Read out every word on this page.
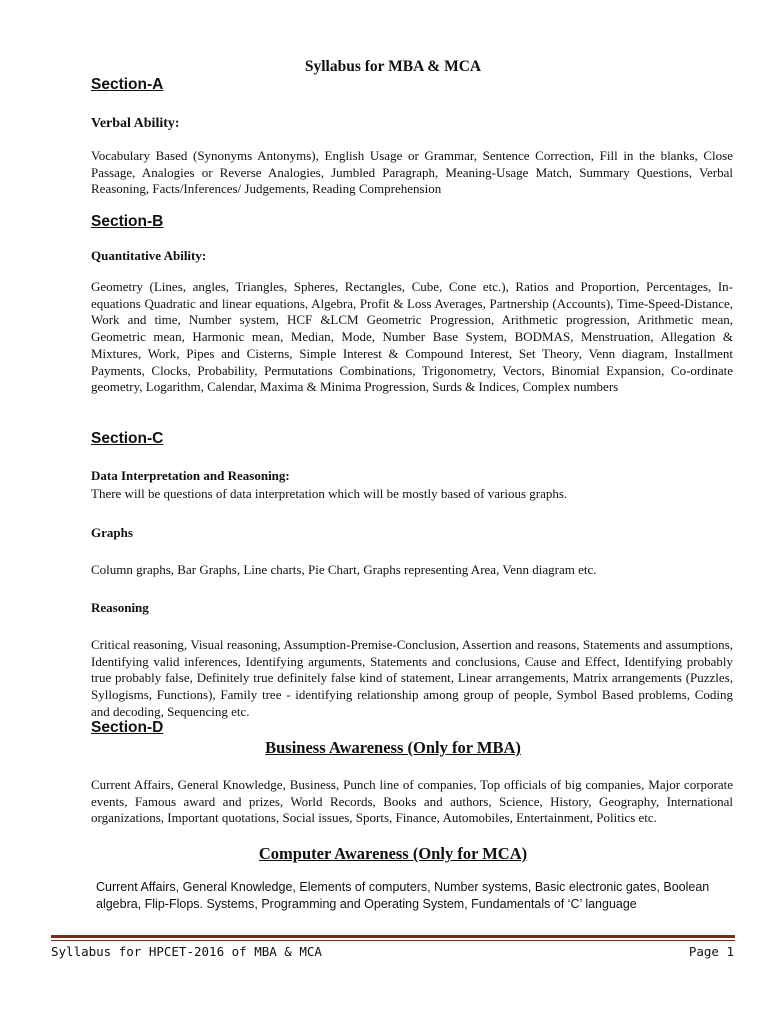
Syllabus for MBA & MCA
Section-A
Verbal Ability:
Vocabulary Based (Synonyms Antonyms), English Usage or Grammar, Sentence Correction, Fill in the blanks, Close Passage, Analogies or Reverse Analogies, Jumbled Paragraph, Meaning-Usage Match, Summary Questions, Verbal Reasoning, Facts/Inferences/ Judgements, Reading Comprehension
Section-B
Quantitative Ability:
Geometry (Lines, angles, Triangles, Spheres, Rectangles, Cube, Cone etc.), Ratios and Proportion, Percentages, In-equations Quadratic and linear equations, Algebra, Profit & Loss Averages, Partnership (Accounts), Time-Speed-Distance, Work and time, Number system, HCF &LCM Geometric Progression, Arithmetic progression, Arithmetic mean, Geometric mean, Harmonic mean, Median, Mode, Number Base System, BODMAS, Menstruation, Allegation & Mixtures, Work, Pipes and Cisterns, Simple Interest & Compound Interest, Set Theory, Venn diagram, Installment Payments, Clocks, Probability, Permutations Combinations, Trigonometry, Vectors, Binomial Expansion, Co-ordinate geometry, Logarithm, Calendar, Maxima & Minima Progression, Surds & Indices, Complex numbers
Section-C
Data Interpretation and Reasoning:
There will be questions of data interpretation which will be mostly based of various graphs.
Graphs
Column graphs, Bar Graphs, Line charts, Pie Chart, Graphs representing Area, Venn diagram etc.
Reasoning
Critical reasoning, Visual reasoning, Assumption-Premise-Conclusion, Assertion and reasons, Statements and assumptions, Identifying valid inferences, Identifying arguments, Statements and conclusions, Cause and Effect, Identifying probably true probably false, Definitely true definitely false kind of statement, Linear arrangements, Matrix arrangements (Puzzles, Syllogisms, Functions), Family tree - identifying relationship among group of people, Symbol Based problems, Coding and decoding, Sequencing etc.
Section-D
Business Awareness (Only for MBA)
Current Affairs, General Knowledge, Business, Punch line of companies, Top officials of big companies, Major corporate events, Famous award and prizes, World Records, Books and authors, Science, History, Geography, International organizations, Important quotations, Social issues, Sports, Finance, Automobiles, Entertainment, Politics etc.
Computer Awareness (Only for MCA)
Current Affairs, General Knowledge, Elements of computers, Number systems, Basic electronic gates, Boolean algebra, Flip-Flops. Systems, Programming and Operating System, Fundamentals of ‘C’ language
Syllabus for HPCET-2016 of MBA & MCA	Page 1
